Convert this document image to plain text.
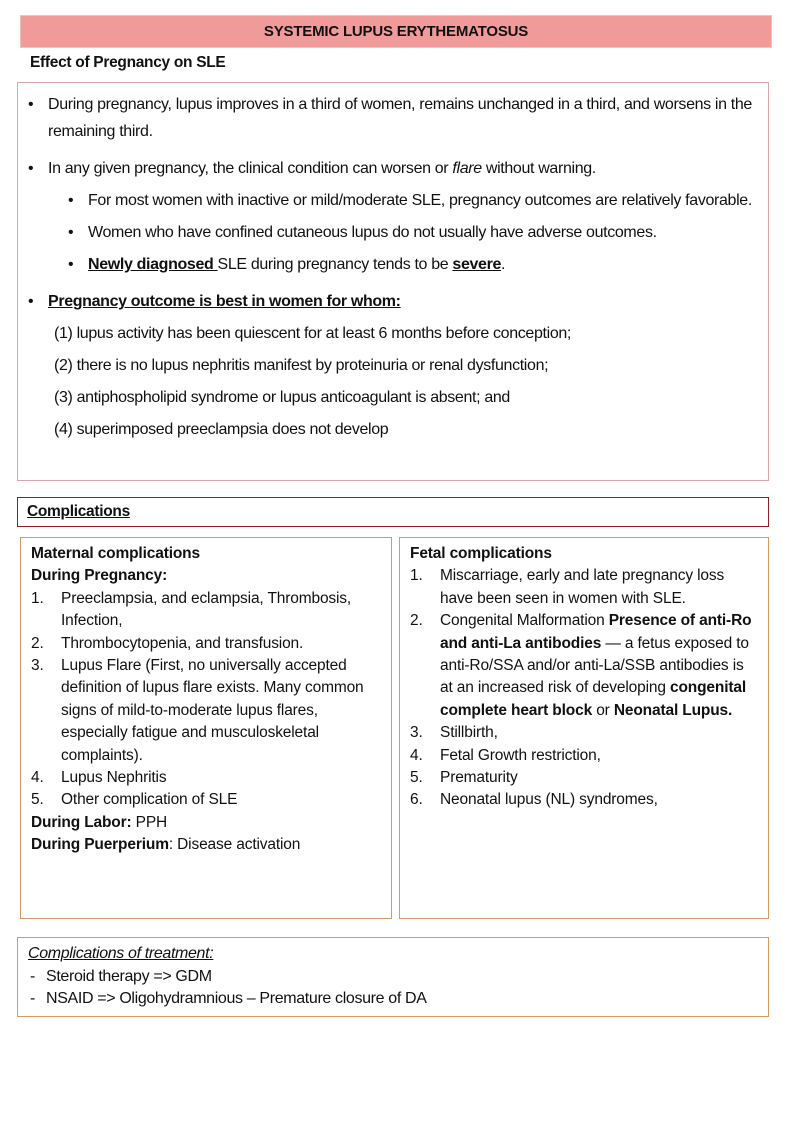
SYSTEMIC LUPUS ERYTHEMATOSUS
Effect of Pregnancy on SLE
• During pregnancy, lupus improves in a third of women, remains unchanged in a third, and worsens in the remaining third.
• In any given pregnancy, the clinical condition can worsen or flare without warning.
• For most women with inactive or mild/moderate SLE, pregnancy outcomes are relatively favorable.
• Women who have confined cutaneous lupus do not usually have adverse outcomes.
• Newly diagnosed SLE during pregnancy tends to be severe.
• Pregnancy outcome is best in women for whom:
(1) lupus activity has been quiescent for at least 6 months before conception;
(2) there is no lupus nephritis manifest by proteinuria or renal dysfunction;
(3) antiphospholipid syndrome or lupus anticoagulant is absent; and
(4) superimposed preeclampsia does not develop
Complications
Maternal complications
During Pregnancy:
1. Preeclampsia, and eclampsia, Thrombosis, Infection,
2. Thrombocytopenia, and transfusion.
3. Lupus Flare (First, no universally accepted definition of lupus flare exists. Many common signs of mild-to-moderate lupus flares, especially fatigue and musculoskeletal complaints).
4. Lupus Nephritis
5. Other complication of SLE
During Labor: PPH
During Puerperium: Disease activation
Fetal complications
1. Miscarriage, early and late pregnancy loss have been seen in women with SLE.
2. Congenital Malformation Presence of anti-Ro and anti-La antibodies — a fetus exposed to anti-Ro/SSA and/or anti-La/SSB antibodies is at an increased risk of developing congenital complete heart block or Neonatal Lupus.
3. Stillbirth,
4. Fetal Growth restriction,
5. Prematurity
6. Neonatal lupus (NL) syndromes,
Complications of treatment:
- Steroid therapy => GDM
- NSAID => Oligohydramnious – Premature closure of DA
